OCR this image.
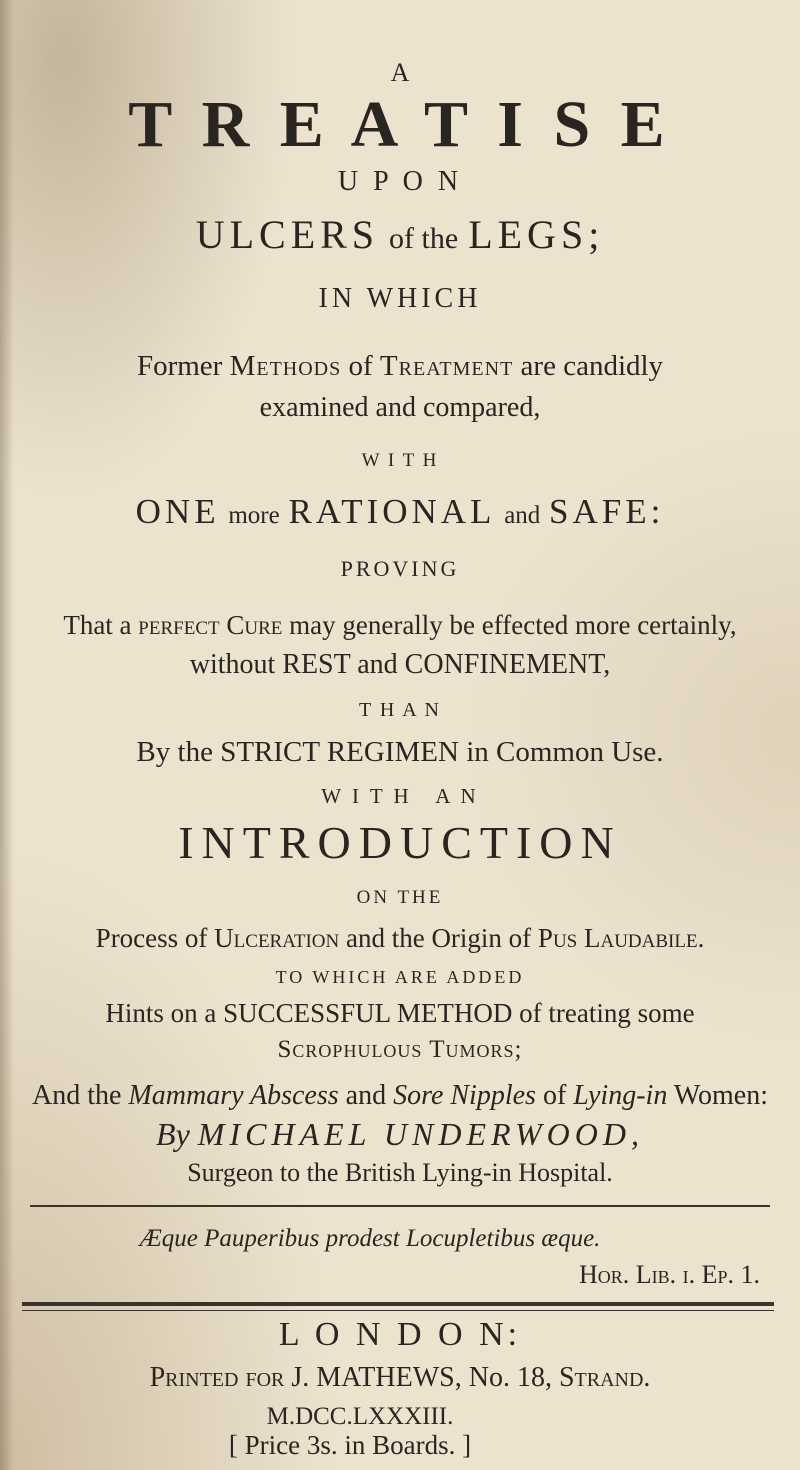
A
T R E A T I S E
U P O N
ULCERS of the LEGS;
IN WHICH
Former Methods of Treatment are candidly
examined and compared,
W I T H
ONE more RATIONAL and SAFE:
PROVING
That a perfect Cure may generally be effected more certainly,
without REST and CONFINEMENT,
T H A N
By the STRICT REGIMEN in Common Use.
W I T H   A N
INTRODUCTION
ON THE
Process of Ulceration and the Origin of Pus Laudabile.
TO WHICH ARE ADDED
Hints on a SUCCESSFUL METHOD of treating some
Scrophulous Tumors;
And the Mammary Abscess and Sore Nipples of Lying-in Women:
By MICHAEL UNDERWOOD,
Surgeon to the British Lying-in Hospital.
Æque Pauperibus prodest Locupletibus æque.
Hor. Lib. i. Ep. 1.
L O N D O N:
Printed for J. MATHEWS, No. 18, Strand.
M.DCC.LXXXIII.
[ Price 3s. in Boards. ]
